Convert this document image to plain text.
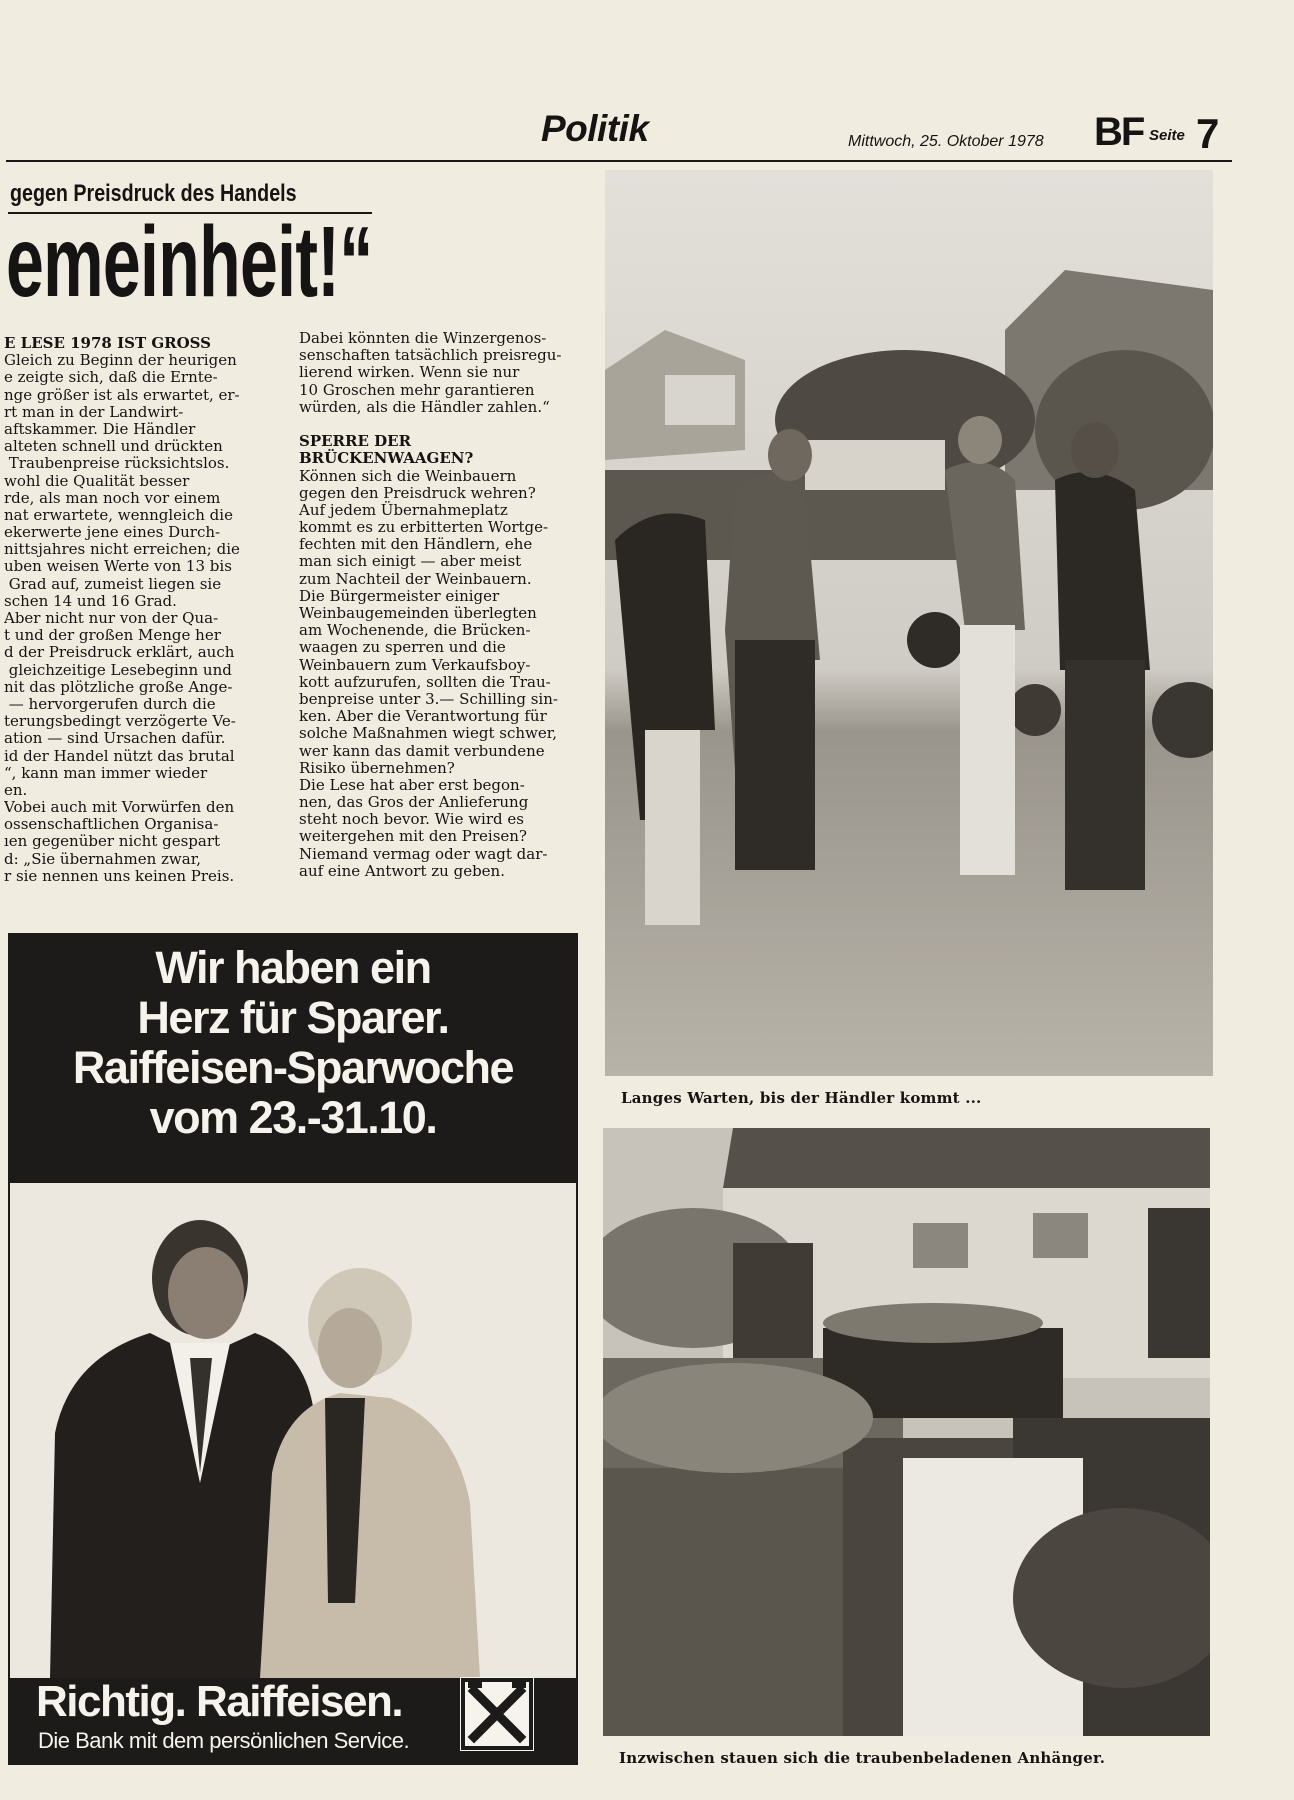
Politik	Mittwoch, 25. Oktober 1978 BF Seite 7
gegen Preisdruck des Handels
emeinheit!“
E LESE 1978 IST GROSS
Gleich zu Beginn der heurigen
e zeigte sich, daß die Ernte-
nge größer ist als erwartet, er-
rt man in der Landwirt-
aftskammer. Die Händler
alteten schnell und drückten
Traubenpreise rücksichtslos.
wohl die Qualität besser
rde, als man noch vor einem
nat erwartete, wenngleich die
ekerwerte jene eines Durch-
nittsjahres nicht erreichen; die
uben weisen Werte von 13 bis
Grad auf, zumeist liegen sie
schen 14 und 16 Grad.
Aber nicht nur von der Qua-
t und der großen Menge her
d der Preisdruck erklärt, auch
gleichzeitige Lesebeginn und
nit das plötzliche große Ange-
— hervorgerufen durch die
terungsbedingt verzögerte Ve-
ation — sind Ursachen dafür.
id der Handel nützt das brutal
“, kann man immer wieder
en.
Vobei auch mit Vorwürfen den
ossenschaftlichen Organisa-
ıen gegenüber nicht gespart
d: „Sie übernahmen zwar,
r sie nennen uns keinen Preis.
Dabei könnten die Winzergenos-
senschaften tatsächlich preisregu-
lierend wirken. Wenn sie nur
10 Groschen mehr garantieren
würden, als die Händler zahlen.“
SPERRE DER
BRÜCKENWAAGEN?
Können sich die Weinbauern
gegen den Preisdruck wehren?
Auf jedem Übernahmeplatz
kommt es zu erbitterten Wortge-
fechten mit den Händlern, ehe
man sich einigt — aber meist
zum Nachteil der Weinbauern.
Die Bürgermeister einiger
Weinbaugemeinden überlegten
am Wochenende, die Brücken-
waagen zu sperren und die
Weinbauern zum Verkaufsboy-
kott aufzurufen, sollten die Trau-
benpreise unter 3.— Schilling sin-
ken. Aber die Verantwortung für
solche Maßnahmen wiegt schwer,
wer kann das damit verbundene
Risiko übernehmen?
Die Lese hat aber erst begon-
nen, das Gros der Anlieferung
steht noch bevor. Wie wird es
weitergehen mit den Preisen?
Niemand vermag oder wagt dar-
auf eine Antwort zu geben.
Wir haben ein
Herz für Sparer.
Raiffeisen-Sparwoche
vom 23.-31.10.
Richtig. Raiffeisen.
Die Bank mit dem persönlichen Service.
Langes Warten, bis der Händler kommt ...
Inzwischen stauen sich die traubenbeladenen Anhänger.
